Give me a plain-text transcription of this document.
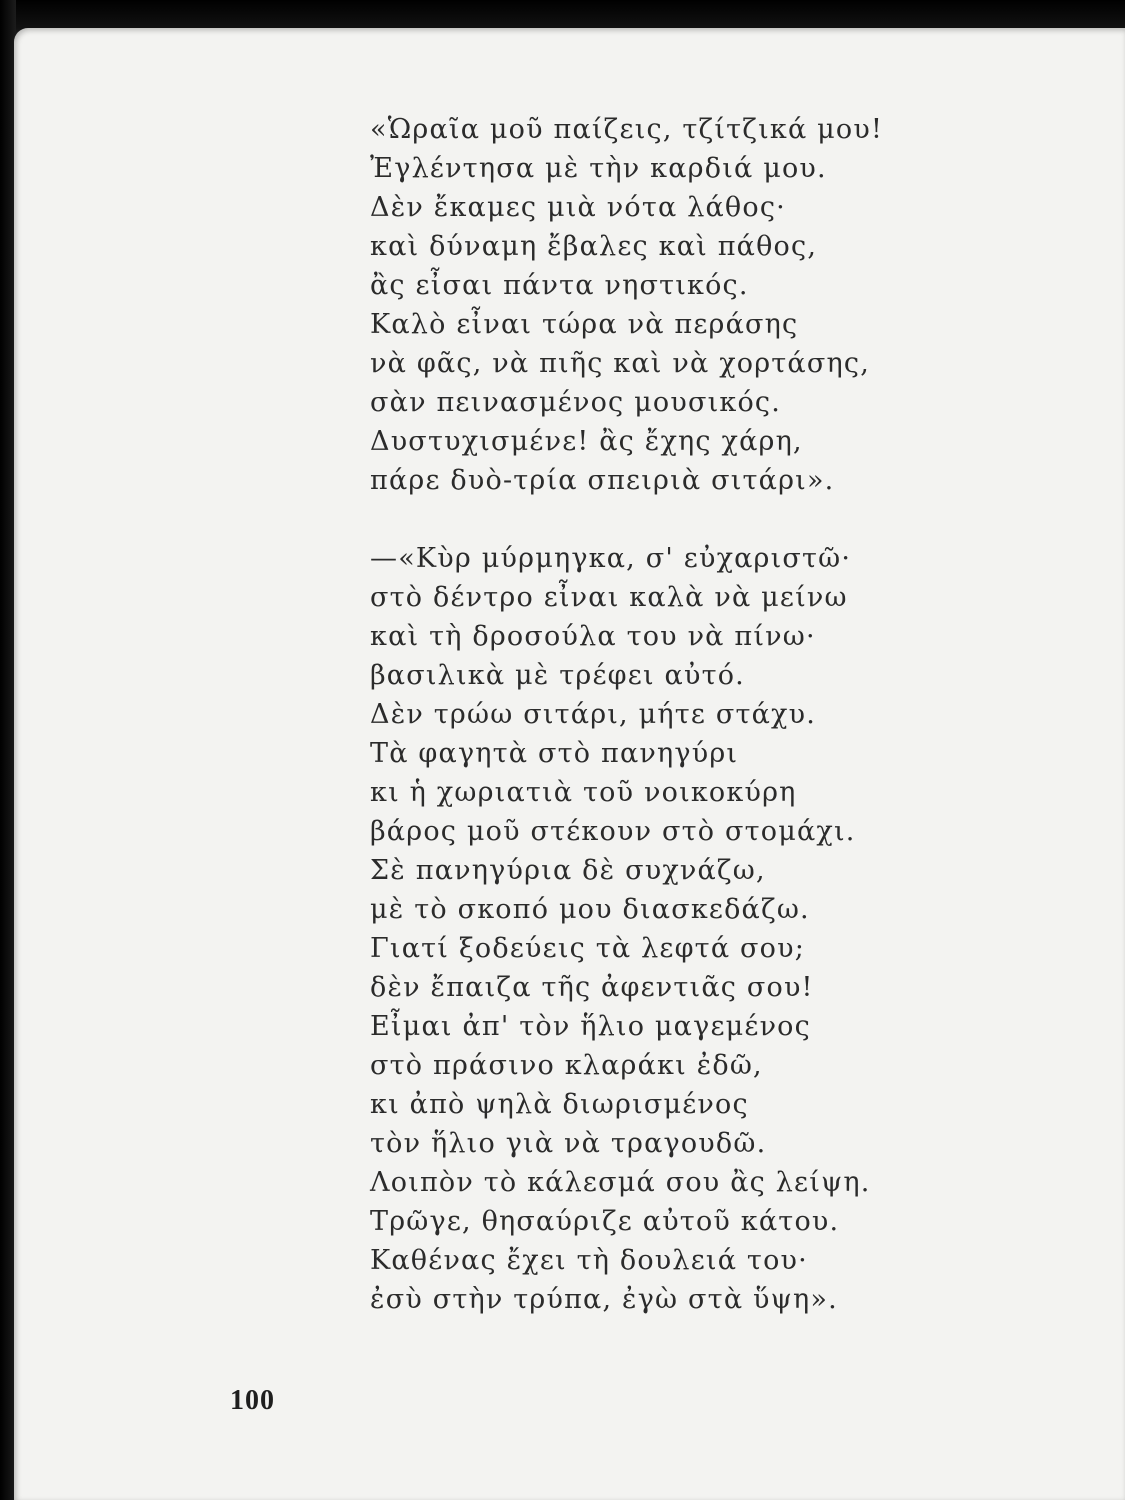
«Ὡραῖα μοῦ παίζεις, τζίτζικά μου!
Ἐγλέντησα μὲ τὴν καρδιά μου.
Δὲν ἔκαμες μιὰ νότα λάθος·
καὶ δύναμη ἔβαλες καὶ πάθος,
ἂς εἶσαι πάντα νηστικός.
Καλὸ εἶναι τώρα νὰ περάσης
νὰ φᾶς, νὰ πιῆς καὶ νὰ χορτάσης,
σὰν πεινασμένος μουσικός.
Δυστυχισμένε! ἂς ἔχης χάρη,
πάρε δυὸ-τρία σπειριὰ σιτάρι».
—«Κὺρ μύρμηγκα, σ' εὐχαριστῶ·
στὸ δέντρο εἶναι καλὰ νὰ μείνω
καὶ τὴ δροσούλα του νὰ πίνω·
βασιλικὰ μὲ τρέφει αὐτό.
Δὲν τρώω σιτάρι, μήτε στάχυ.
Τὰ φαγητὰ στὸ πανηγύρι
κι ἡ χωριατιὰ τοῦ νοικοκύρη
βάρος μοῦ στέκουν στὸ στομάχι.
Σὲ πανηγύρια δὲ συχνάζω,
μὲ τὸ σκοπό μου διασκεδάζω.
Γιατί ξοδεύεις τὰ λεφτά σου;
δὲν ἔπαιζα τῆς ἀφεντιᾶς σου!
Εἶμαι ἀπ' τὸν ἥλιο μαγεμένος
στὸ πράσινο κλαράκι ἐδῶ,
κι ἀπὸ ψηλὰ διωρισμένος
τὸν ἥλιο γιὰ νὰ τραγουδῶ.
Λοιπὸν τὸ κάλεσμά σου ἂς λείψη.
Τρῶγε, θησαύριζε αὐτοῦ κάτου.
Καθένας ἔχει τὴ δουλειά του·
ἐσὺ στὴν τρύπα, ἐγὼ στὰ ὕψη».
100
